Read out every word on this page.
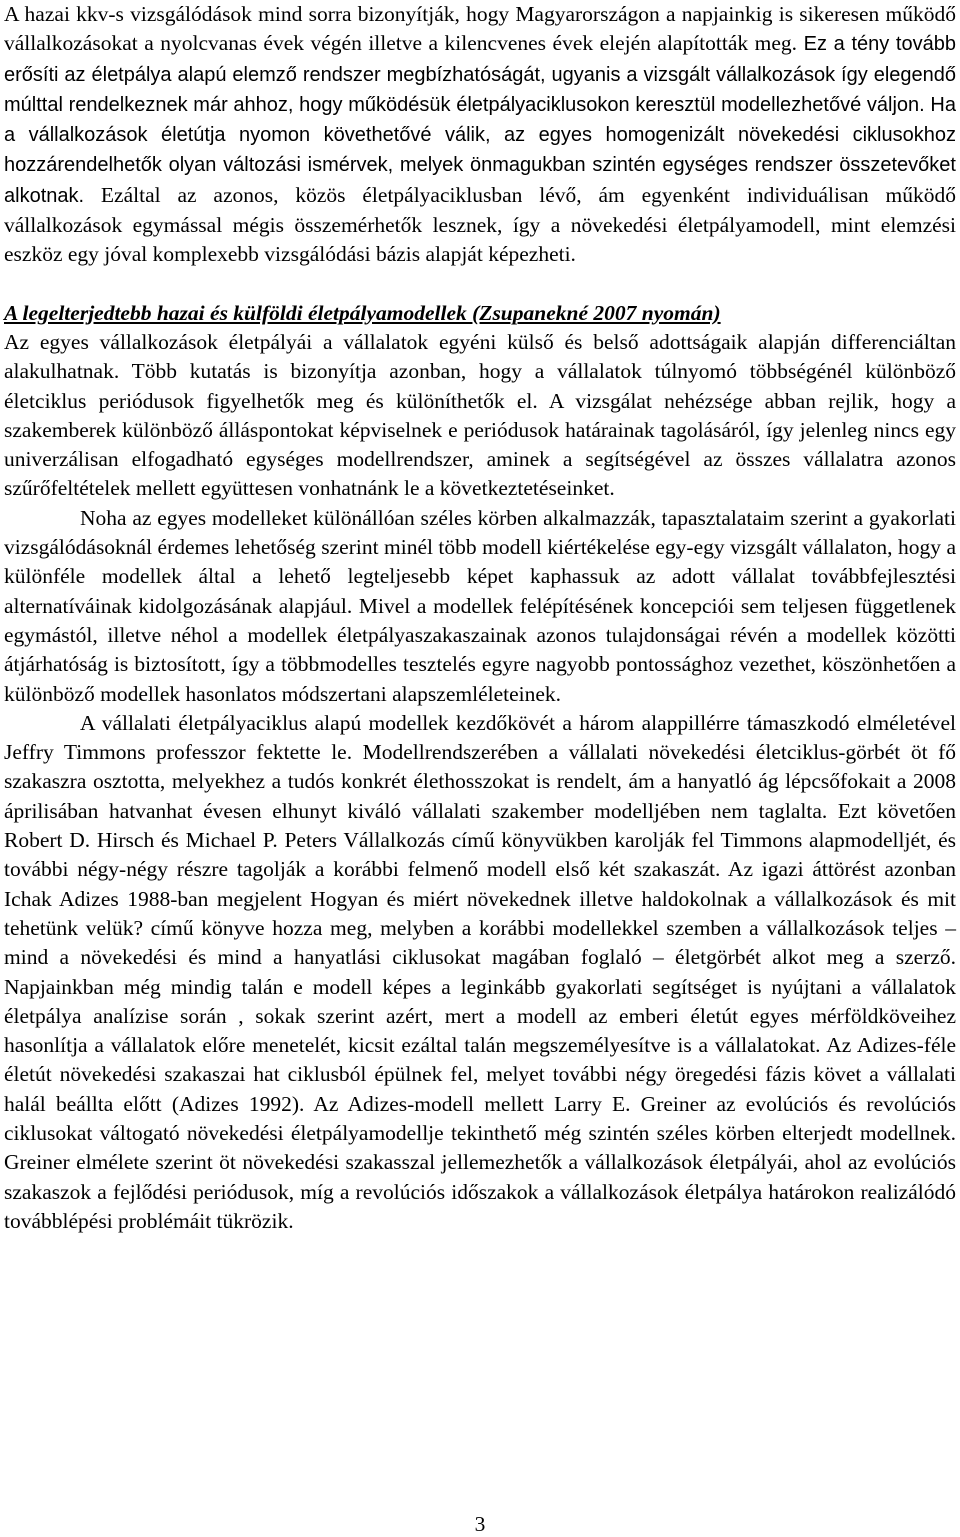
A hazai kkv-s vizsgálódások mind sorra bizonyítják, hogy Magyarországon a napjainkig is sikeresen működő vállalkozásokat a nyolcvanas évek végén illetve a kilencvenes évek elején alapították meg. Ez a tény tovább erősíti az életpálya alapú elemző rendszer megbízhatóságát, ugyanis a vizsgált vállalkozások így elegendő múlttal rendelkeznek már ahhoz, hogy működésük életpályaciklusokon keresztül modellezhetővé váljon. Ha a vállalkozások életútja nyomon követhetővé válik, az egyes homogenizált növekedési ciklusokhoz hozzárendelhetők olyan változási ismérvek, melyek önmagukban szintén egységes rendszer összetevőket alkotnak. Ezáltal az azonos, közös életpályaciklusban lévő, ám egyenként individuálisan működő vállalkozások egymással mégis összemérhetők lesznek, így a növekedési életpályamodell, mint elemzési eszköz egy jóval komplexebb vizsgálódási bázis alapját képezheti.

A legelterjedtebb hazai és külföldi életpályamodellek (Zsupanekné 2007 nyomán)

Az egyes vállalkozások életpályái a vállalatok egyéni külső és belső adottságaik alapján differenciáltan alakulhatnak. Több kutatás is bizonyítja azonban, hogy a vállalatok túlnyomó többségénél különböző életciklus periódusok figyelhetők meg és különíthetők el. A vizsgálat nehézsége abban rejlik, hogy a szakemberek különböző álláspontokat képviselnek e periódusok határainak tagolásáról, így jelenleg nincs egy univerzálisan elfogadható egységes modellrendszer, aminek a segítségével az összes vállalatra azonos szűrőfeltételek mellett együttesen vonhatnánk le a következtetéseinket.

Noha az egyes modelleket különállóan széles körben alkalmazzák, tapasztalataim szerint a gyakorlati vizsgálódásoknál érdemes lehetőség szerint minél több modell kiértékelése egy-egy vizsgált vállalaton, hogy a különféle modellek által a lehető legteljesebb képet kaphassuk az adott vállalat továbbfejlesztési alternatíváinak kidolgozásának alapjául. Mivel a modellek felépítésének koncepciói sem teljesen függetlenek egymástól, illetve néhol a modellek életpályaszakaszainak azonos tulajdonságai révén a modellek közötti átjárhatóság is biztosított, így a többmodelles tesztelés egyre nagyobb pontossághoz vezethet, köszönhetően a különböző modellek hasonlatos módszertani alapszemléleteinek.

A vállalati életpályaciklus alapú modellek kezdőkövét a három alappillérre támaszkodó elméletével Jeffry Timmons professzor fektette le. Modellrendszerében a vállalati növekedési életciklus-görbét öt fő szakaszra osztotta, melyekhez a tudós konkrét élethosszokat is rendelt, ám a hanyatló ág lépcsőfokait a 2008 áprilisában hatvanhat évesen elhunyt kiváló vállalati szakember modelljében nem taglalta. Ezt követően Robert D. Hirsch és Michael P. Peters Vállalkozás című könyvükben karolják fel Timmons alapmodelljét, és további négy-négy részre tagolják a korábbi felmenő modell első két szakaszát. Az igazi áttörést azonban Ichak Adizes 1988-ban megjelent Hogyan és miért növekednek illetve haldokolnak a vállalkozások és mit tehetünk velük? című könyve hozza meg, melyben a korábbi modellekkel szemben a vállalkozások teljes – mind a növekedési és mind a hanyatlási ciklusokat magában foglaló – életgörbét alkot meg a szerző. Napjainkban még mindig talán e modell képes a leginkább gyakorlati segítséget is nyújtani a vállalatok életpálya analízise során , sokak szerint azért, mert a modell az emberi életút egyes mérföldköveihez hasonlítja a vállalatok előre menetelét, kicsit ezáltal talán megszemélyesítve is a vállalatokat. Az Adizes-féle életút növekedési szakaszai hat ciklusból épülnek fel, melyet további négy öregedési fázis követ a vállalati halál beállta előtt (Adizes 1992). Az Adizes-modell mellett Larry E. Greiner az evolúciós és revolúciós ciklusokat váltogató növekedési életpályamodellje tekinthető még szintén széles körben elterjedt modellnek. Greiner elmélete szerint öt növekedési szakasszal jellemezhetők a vállalkozások életpályái, ahol az evolúciós szakaszok a fejlődési periódusok, míg a revolúciós időszakok a vállalkozások életpálya határokon realizálódó továbblépési problémáit tükrözik.

3
